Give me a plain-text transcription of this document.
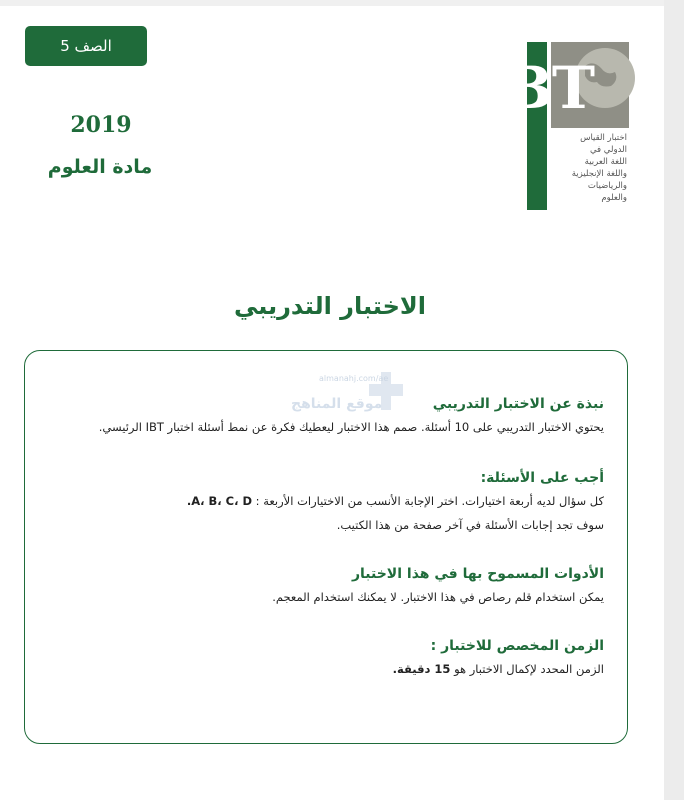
الصف 5
2019
مادة العلوم
B
T
اختبار القياس
الدولي في
اللغة العربية
واللغة الإنجليزية
والرياضيات
والعلوم
الاختبار التدريبي
almanahj.com/ae
موقع المناهج	نبذة عن الاختبار التدريبي

يحتوي الاختبار التدريبي على 10 أسئلة. صمم هذا الاختبار ليعطيك فكرة عن نمط أسئلة اختبار IBT الرئيسي.

أجب على الأسئلة:

كل سؤال لديه أربعة اختيارات. اختر الإجابة الأنسب من الاختيارات الأربعة : A، B، C، D.

سوف تجد إجابات الأسئلة في آخر صفحة من هذا الكتيب.

الأدوات المسموح بها في هذا الاختبار

يمكن استخدام قلم رصاص في هذا الاختبار. لا يمكنك استخدام المعجم.

الزمن المخصص للاختبار :

الزمن المحدد لإكمال الاختبار هو 15 دقيقة.
